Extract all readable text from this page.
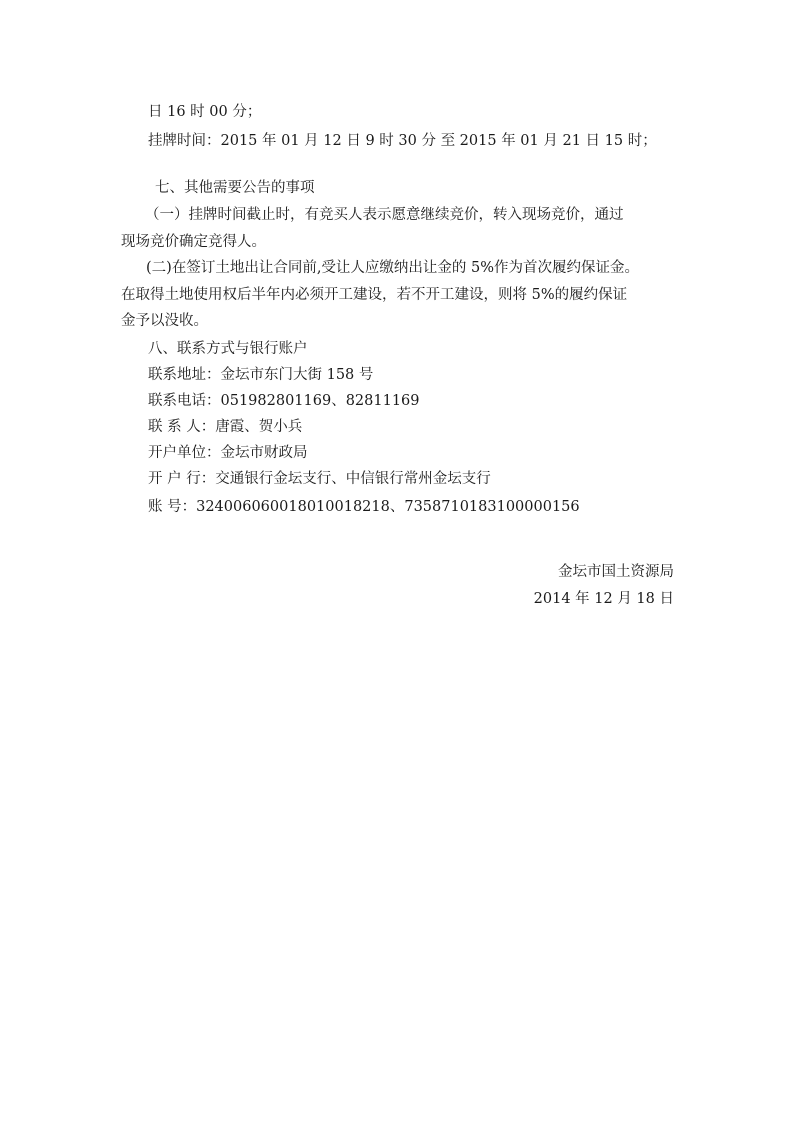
日 16 时 00 分；
挂牌时间：2015 年 01 月 12 日 9 时 30 分 至 2015 年 01 月 21 日 15 时；
七、其他需要公告的事项
（一）挂牌时间截止时，有竞买人表示愿意继续竞价，转入现场竞价，通过
现场竞价确定竞得人。
(二)在签订土地出让合同前,受让人应缴纳出让金的 5%作为首次履约保证金。
在取得土地使用权后半年内必须开工建设，若不开工建设，则将 5%的履约保证
金予以没收。
八、联系方式与银行账户
联系地址：金坛市东门大街 158 号
联系电话：051982801169、82811169
联 系 人：唐霞、贺小兵
开户单位：金坛市财政局
开 户 行：交通银行金坛支行、中信银行常州金坛支行
账 号：324006060018010018218、7358710183100000156
金坛市国土资源局
2014 年 12 月 18 日
